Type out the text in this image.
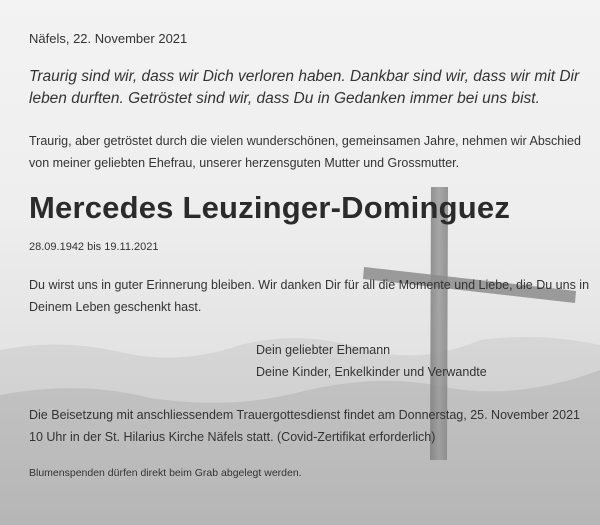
Näfels, 22. November 2021

Traurig sind wir, dass wir Dich verloren haben. Dankbar sind wir, dass wir mit Dir
leben durften. Getröstet sind wir, dass Du in Gedanken immer bei uns bist.

Traurig, aber getröstet durch die vielen wunderschönen, gemeinsamen Jahre, nehmen wir Abschied
von meiner geliebten Ehefrau, unserer herzensguten Mutter und Grossmutter.

Mercedes Leuzinger-Dominguez

28.09.1942 bis 19.11.2021

Du wirst uns in guter Erinnerung bleiben. Wir danken Dir für all die Momente und Liebe, die Du uns in
Deinem Leben geschenkt hast.

Dein geliebter Ehemann
Deine Kinder, Enkelkinder und Verwandte

Die Beisetzung mit anschliessendem Trauergottesdienst findet am Donnerstag, 25. November 2021
10 Uhr in der St. Hilarius Kirche Näfels statt. (Covid-Zertifikat erforderlich)

Blumenspenden dürfen direkt beim Grab abgelegt werden.
